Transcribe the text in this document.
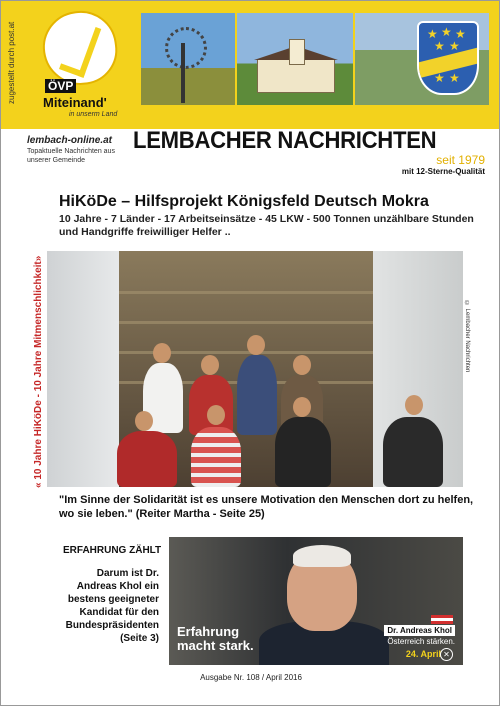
zugestellt durch post.at	ÖVP
Miteinand'
in unserm Land
★ ★ ★
★ ★
★ ★
lembach-online.at
Topaktuelle Nachrichten aus unserer Gemeinde
LEMBACHER NACHRICHTEN
seit 1979
mit 12-Sterne-Qualität
HiKöDe – Hilfsprojekt Königsfeld Deutsch Mokra
10 Jahre - 7 Länder - 17 Arbeitseinsätze - 45 LKW - 500 Tonnen unzählbare Stunden und Handgriffe freiwilliger Helfer ..
« 10 Jahre HiKöDe - 10 Jahre Mitmenschlichkeit»	© Lembacher Nachrichten
"Im Sinne der Solidarität ist es unsere Motivation den Menschen dort zu helfen, wo sie leben." (Reiter Martha - Seite 25)
ERFAHRUNG ZÄHLT
Darum ist Dr. Andreas Khol ein bestens geeigneter Kandidat für den Bundespräsidenten (Seite 3) Erfahrung
macht stark.
Dr. Andreas Khol
Österreich stärken.
24. April ✕
Ausgabe Nr. 108 / April 2016
